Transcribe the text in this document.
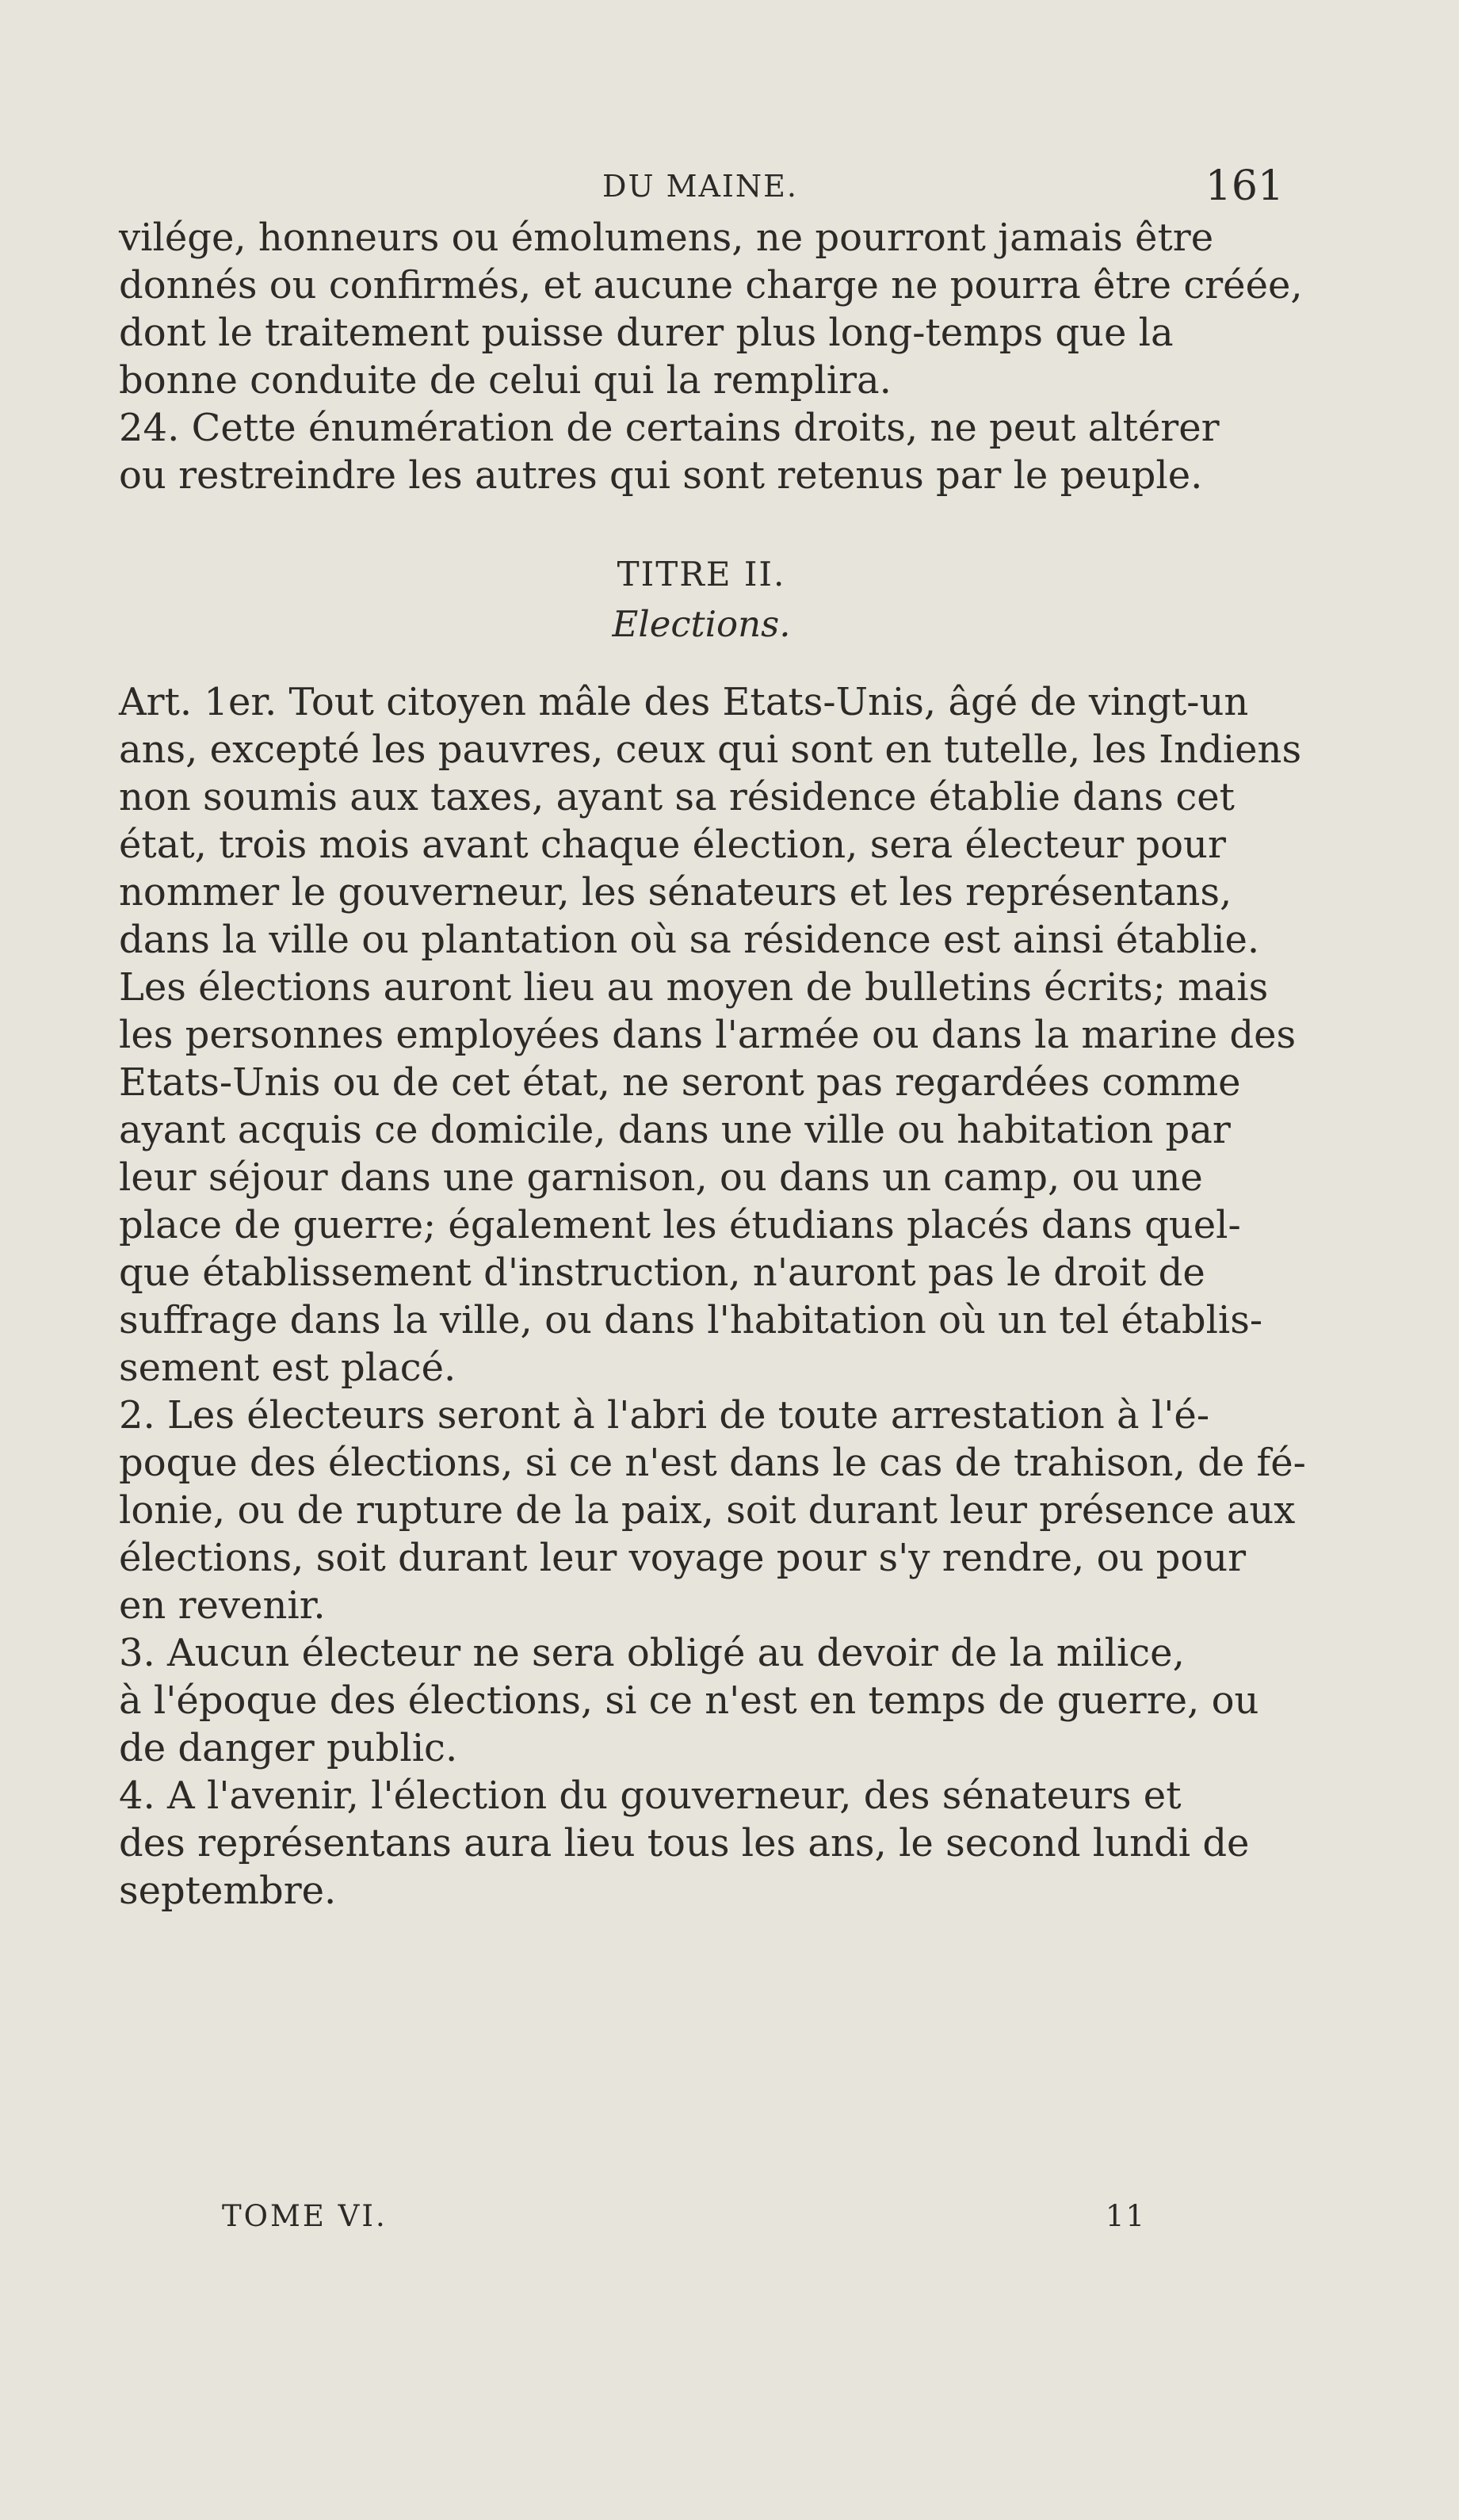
DU MAINE.	161

vilége, honneurs ou émolumens, ne pourront jamais être

donnés ou confirmés, et aucune charge ne pourra être créée,

dont le traitement puisse durer plus long-temps que la

bonne conduite de celui qui la remplira.

24. Cette énumération de certains droits, ne peut altérer

ou restreindre les autres qui sont retenus par le peuple.

TITRE II.
Elections.

Art. 1er. Tout citoyen mâle des Etats-Unis, âgé de vingt-un

ans, excepté les pauvres, ceux qui sont en tutelle, les Indiens

non soumis aux taxes, ayant sa résidence établie dans cet

état, trois mois avant chaque élection, sera électeur pour

nommer le gouverneur, les sénateurs et les représentans,

dans la ville ou plantation où sa résidence est ainsi établie.

Les élections auront lieu au moyen de bulletins écrits; mais

les personnes employées dans l'armée ou dans la marine des

Etats-Unis ou de cet état, ne seront pas regardées comme

ayant acquis ce domicile, dans une ville ou habitation par

leur séjour dans une garnison, ou dans un camp, ou une

place de guerre; également les étudians placés dans quel-

que établissement d'instruction, n'auront pas le droit de

suffrage dans la ville, ou dans l'habitation où un tel établis-

sement est placé.

2. Les électeurs seront à l'abri de toute arrestation à l'é-

poque des élections, si ce n'est dans le cas de trahison, de fé-

lonie, ou de rupture de la paix, soit durant leur présence aux

élections, soit durant leur voyage pour s'y rendre, ou pour

en revenir.

3. Aucun électeur ne sera obligé au devoir de la milice,

à l'époque des élections, si ce n'est en temps de guerre, ou

de danger public.

4. A l'avenir, l'élection du gouverneur, des sénateurs et

des représentans aura lieu tous les ans, le second lundi de

septembre.

TOME VI.	11
